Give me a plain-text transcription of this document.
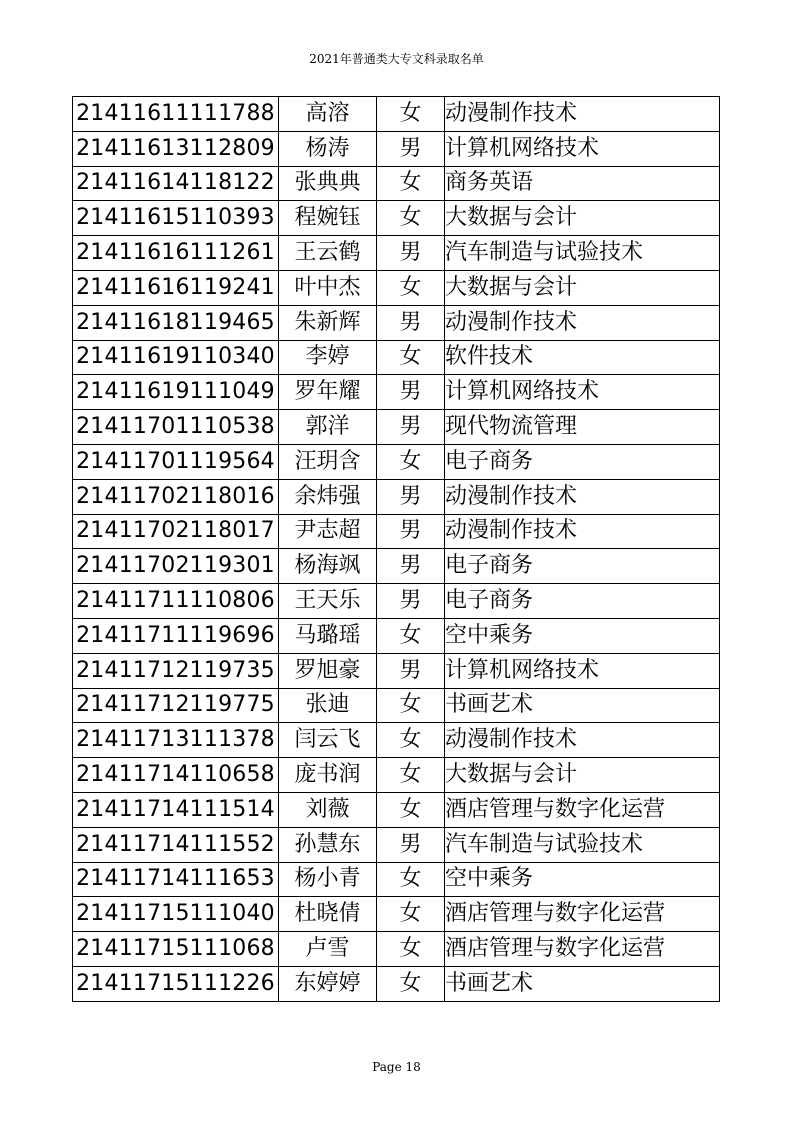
2021年普通类大专文科录取名单
21411611111788	高溶	女	动漫制作技术
21411613112809	杨涛	男	计算机网络技术
21411614118122	张典典	女	商务英语
21411615110393	程婉钰	女	大数据与会计
21411616111261	王云鹤	男	汽车制造与试验技术
21411616119241	叶中杰	女	大数据与会计
21411618119465	朱新辉	男	动漫制作技术
21411619110340	李婷	女	软件技术
21411619111049	罗年耀	男	计算机网络技术
21411701110538	郭洋	男	现代物流管理
21411701119564	汪玥含	女	电子商务
21411702118016	余炜强	男	动漫制作技术
21411702118017	尹志超	男	动漫制作技术
21411702119301	杨海飒	男	电子商务
21411711110806	王天乐	男	电子商务
21411711119696	马璐瑶	女	空中乘务
21411712119735	罗旭豪	男	计算机网络技术
21411712119775	张迪	女	书画艺术
21411713111378	闫云飞	女	动漫制作技术
21411714110658	庞书润	女	大数据与会计
21411714111514	刘薇	女	酒店管理与数字化运营
21411714111552	孙慧东	男	汽车制造与试验技术
21411714111653	杨小青	女	空中乘务
21411715111040	杜晓倩	女	酒店管理与数字化运营
21411715111068	卢雪	女	酒店管理与数字化运营
21411715111226	东婷婷	女	书画艺术
Page 18
